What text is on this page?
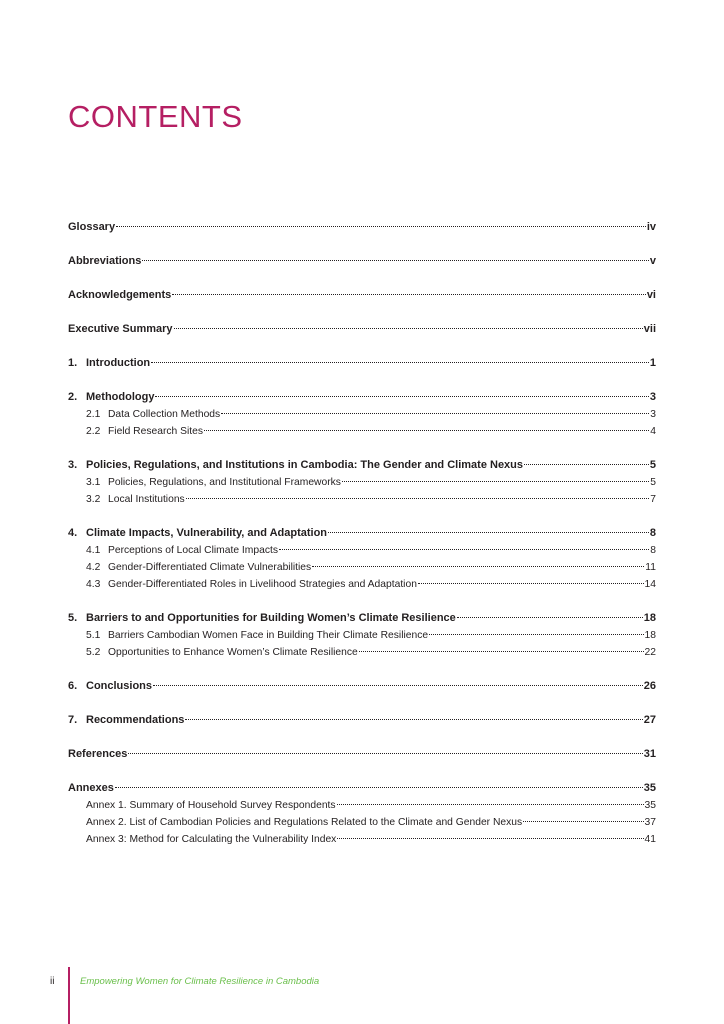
CONTENTS
Glossary	iv
Abbreviations	v
Acknowledgements	vi
Executive Summary	vii
1. Introduction	1
2. Methodology	3
2.1 Data Collection Methods	3
2.2 Field Research Sites	4
3. Policies, Regulations, and Institutions in Cambodia: The Gender and Climate Nexus	5
3.1 Policies, Regulations, and Institutional Frameworks	5
3.2 Local Institutions	7
4. Climate Impacts, Vulnerability, and Adaptation	8
4.1 Perceptions of Local Climate Impacts	8
4.2 Gender-Differentiated Climate Vulnerabilities	11
4.3 Gender-Differentiated Roles in Livelihood Strategies and Adaptation	14
5. Barriers to and Opportunities for Building Women’s Climate Resilience	18
5.1 Barriers Cambodian Women Face in Building Their Climate Resilience	18
5.2 Opportunities to Enhance Women’s Climate Resilience	22
6. Conclusions	26
7. Recommendations	27
References	31
Annexes	35
Annex 1. Summary of Household Survey Respondents	35
Annex 2. List of Cambodian Policies and Regulations Related to the Climate and Gender Nexus	37
Annex 3: Method for Calculating the Vulnerability Index	41
ii	Empowering Women for Climate Resilience in Cambodia
